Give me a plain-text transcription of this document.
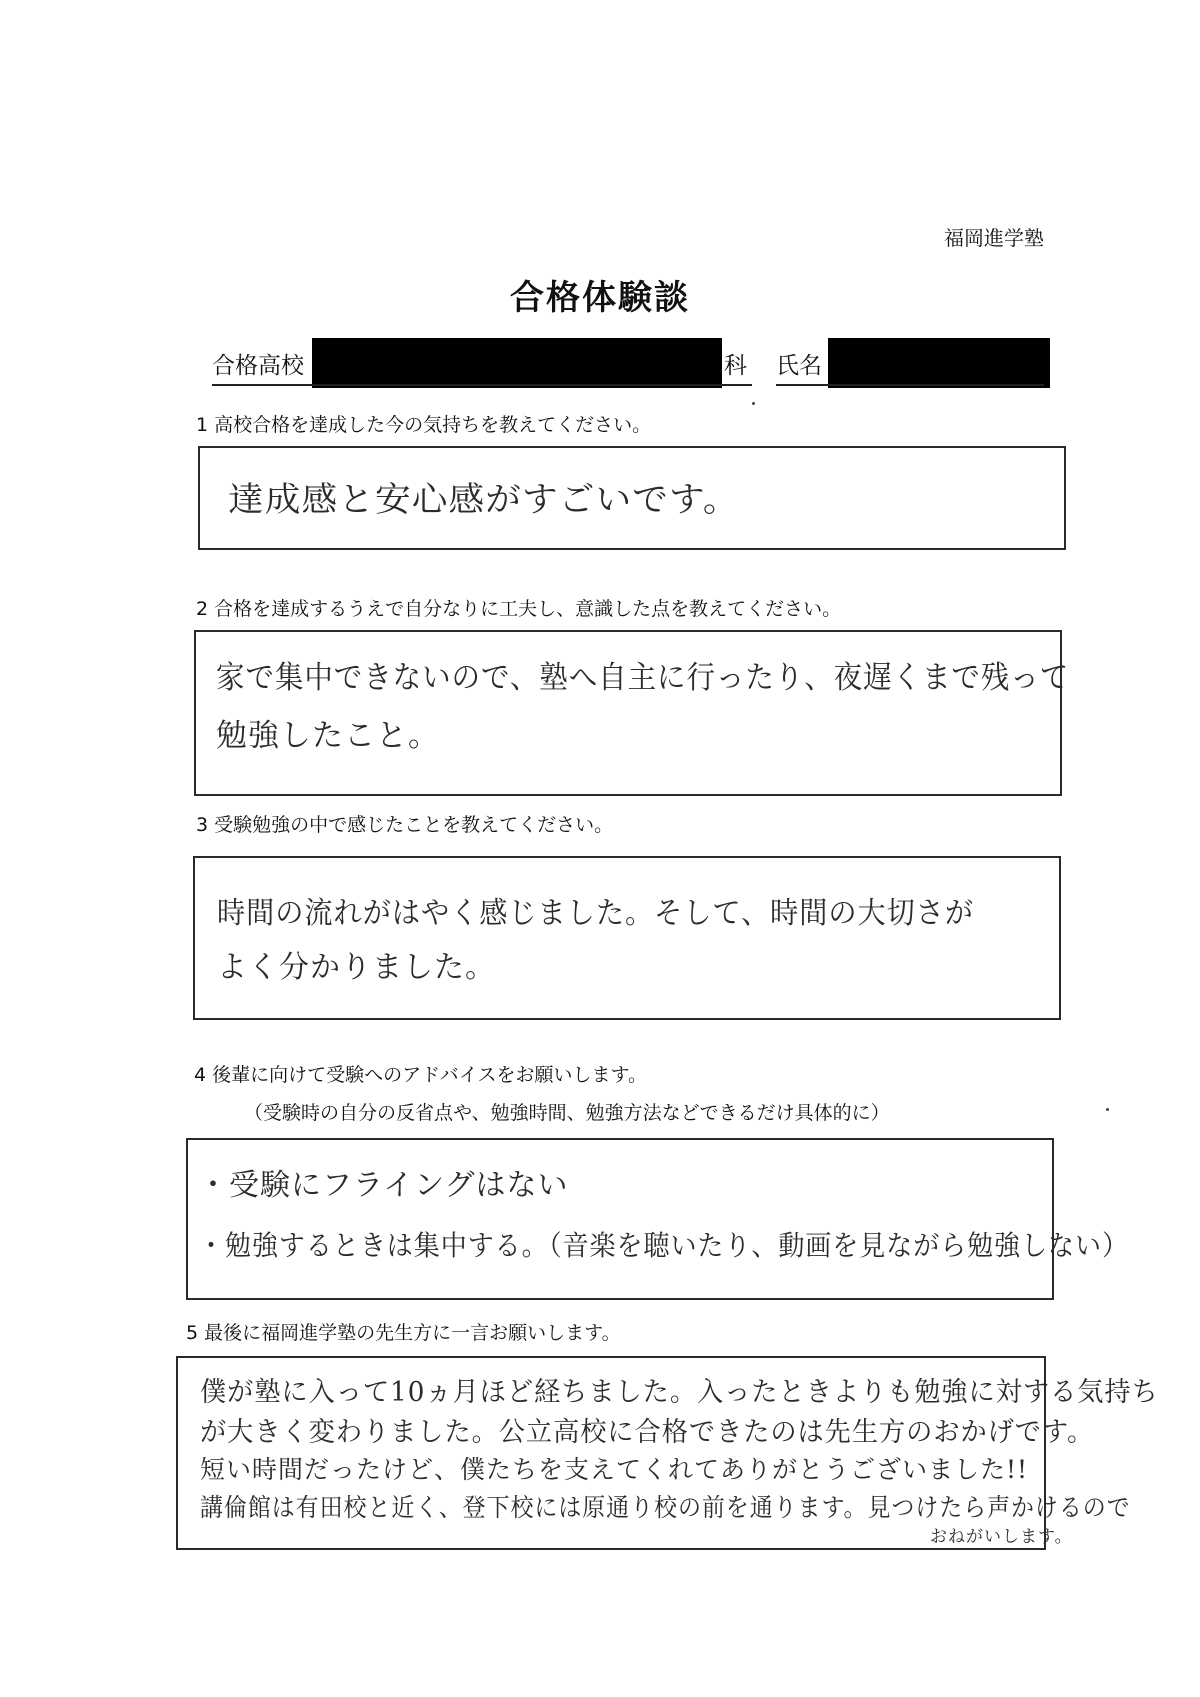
福岡進学塾
合格体験談
合格高校	科 氏名
1 高校合格を達成した今の気持ちを教えてください。
達成感と安心感がすごいです。
2 合格を達成するうえで自分なりに工夫し、意識した点を教えてください。
家で集中できないので、塾へ自主に行ったり、夜遅くまで残って
勉強したこと。
3 受験勉強の中で感じたことを教えてください。
時間の流れがはやく感じました。そして、時間の大切さが
よく分かりました。
4 後輩に向けて受験へのアドバイスをお願いします。
（受験時の自分の反省点や、勉強時間、勉強方法などできるだけ具体的に）
・受験にフライングはない
・勉強するときは集中する。（音楽を聴いたり、動画を見ながら勉強しない）
5 最後に福岡進学塾の先生方に一言お願いします。
僕が塾に入って10ヵ月ほど経ちました。入ったときよりも勉強に対する気持ち
が大きく変わりました。公立高校に合格できたのは先生方のおかげです。
短い時間だったけど、僕たちを支えてくれてありがとうございました!!
講倫館は有田校と近く、登下校には原通り校の前を通ります。見つけたら声かけるので
おねがいします。
